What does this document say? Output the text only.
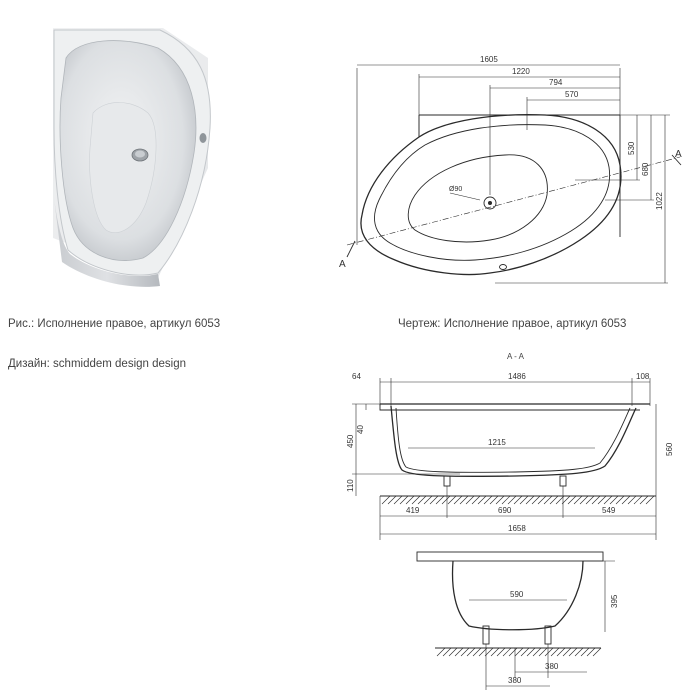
Рис.: Исполнение правое, артикул 6053
Дизайн: schmiddem design design
Чертеж: Исполнение правое, артикул 6053
1605
1220
794
570
530
680
1022
A
A
Ø90
A - A
64	1486	108
450
40
110
560
1215
419	690	549
1658
395
590
380
380
